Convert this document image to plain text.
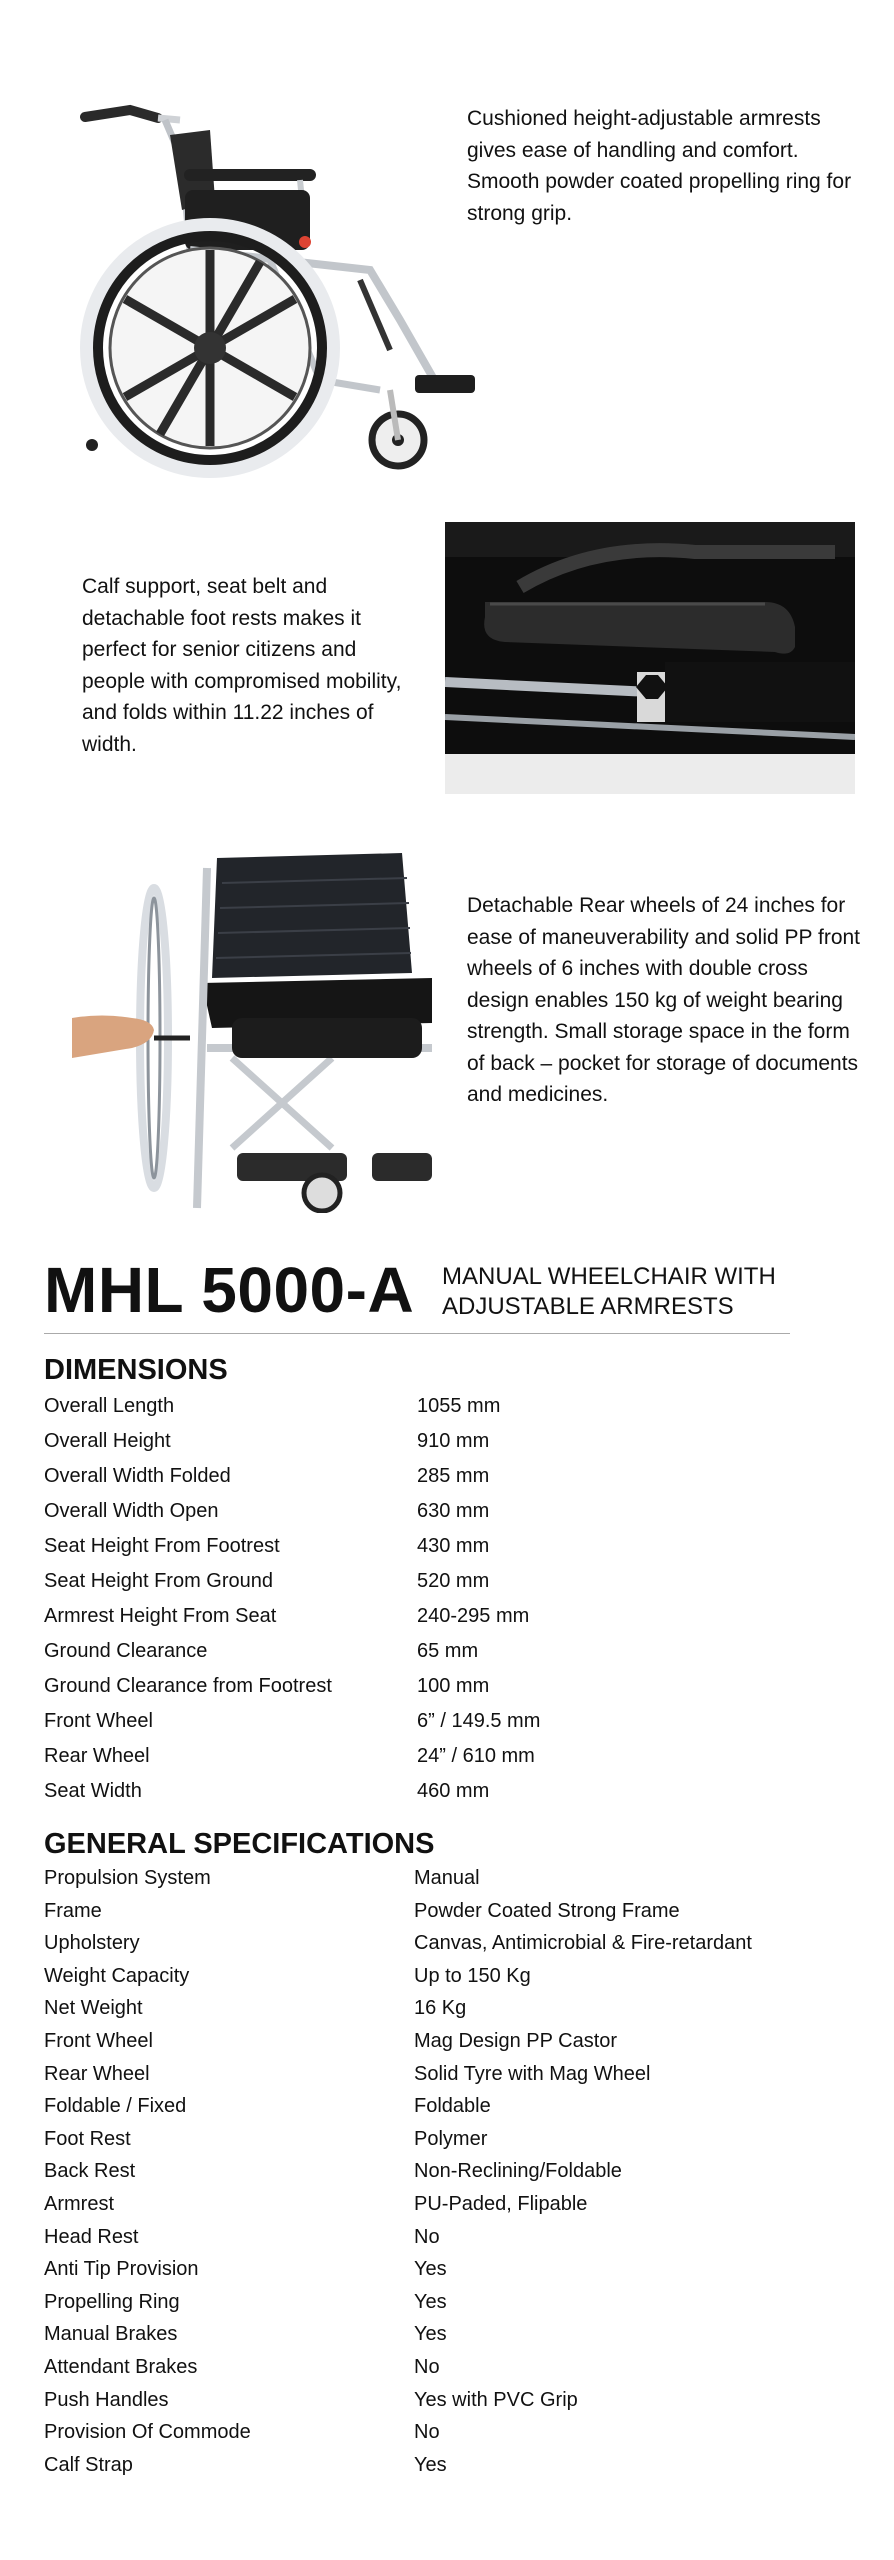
Cushioned height-adjustable armrests gives ease of handling and comfort. Smooth powder coated propelling ring for strong grip.
Calf support, seat belt and detachable foot rests makes it perfect for senior citizens and people with compromised mobility, and folds within 11.22 inches of width.
Detachable Rear wheels of 24 inches for ease of maneuverability and solid PP front wheels of 6 inches with double cross design enables 150 kg of weight bearing strength. Small storage space in the form of back – pocket for storage of documents and medicines.
MHL 5000-A MANUAL WHEELCHAIR WITH ADJUSTABLE ARMRESTS
DIMENSIONS
Overall Length	1055 mm
Overall Height	910 mm
Overall Width Folded	285 mm
Overall Width Open	630 mm
Seat Height From Footrest	430 mm
Seat Height From Ground	520 mm
Armrest Height From Seat	240-295 mm
Ground Clearance	65 mm
Ground Clearance from Footrest	100 mm
Front Wheel	6” / 149.5 mm
Rear Wheel	24” / 610 mm
Seat Width	460 mm
GENERAL SPECIFICATIONS
Propulsion System	Manual
Frame	Powder Coated Strong Frame
Upholstery	Canvas, Antimicrobial & Fire-retardant
Weight Capacity	Up to 150 Kg
Net Weight	16 Kg
Front Wheel	Mag Design PP Castor
Rear Wheel	Solid Tyre with Mag Wheel
Foldable / Fixed	Foldable
Foot Rest	Polymer
Back Rest	Non-Reclining/Foldable
Armrest	PU-Paded, Flipable
Head Rest	No
Anti Tip Provision	Yes
Propelling Ring	Yes
Manual Brakes	Yes
Attendant Brakes	No
Push Handles	Yes with PVC Grip
Provision Of Commode	No
Calf Strap	Yes
